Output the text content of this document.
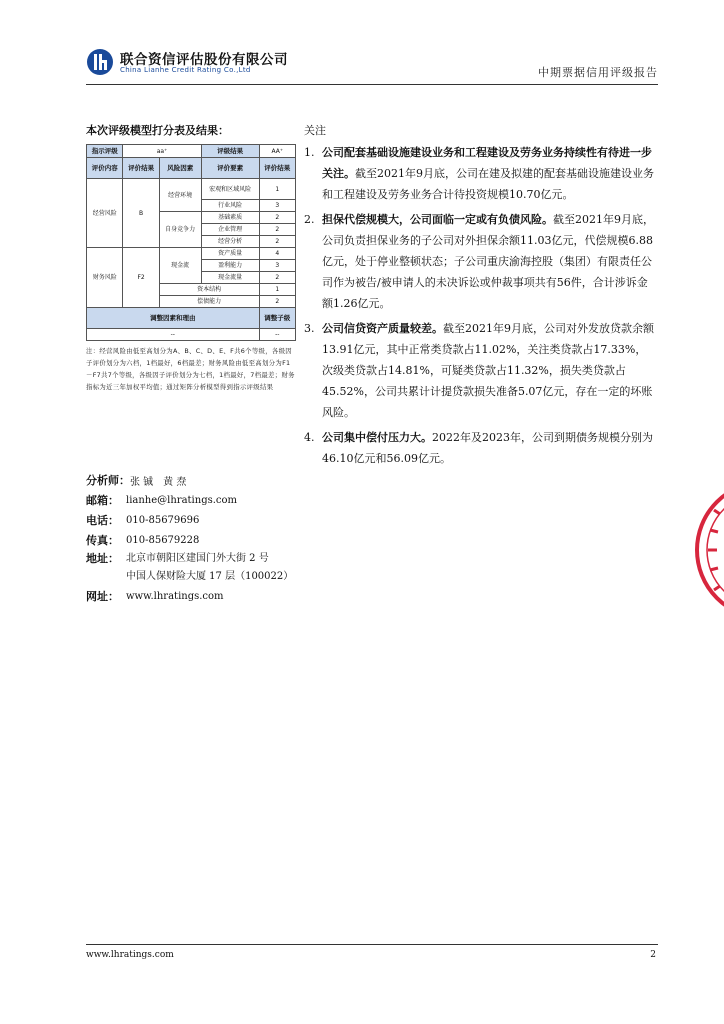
联合资信评估股份有限公司
China Lianhe Credit Rating Co.,Ltd	中期票据信用评级报告
本次评级模型打分表及结果：
指示评级	aa⁺		评级结果	AA⁺
评价内容	评价结果	风险因素	评价要素	评价结果
经营风险	B	经营环境	宏观和区域风险	1
			行业风险	3
		自身竞争力	基础素质	2
			企业管理	2
			经营分析	2
财务风险	F2	现金流	资产质量	4
			盈利能力	3
			现金流量	2
		资本结构		1
		偿债能力		2
调整因素和理由				调整子级
--				--
注：经营风险由低至高划分为A、B、C、D、E、F共6个等级，各级因子评价划分为六档，1档最好，6档最差；财务风险由低至高划分为F1－F7共7个等级，各级因子评价划分为七档，1档最好，7档最差；财务指标为近三年加权平均值；通过矩阵分析模型得到指示评级结果
分析师： 张 铖　黄 焘
邮箱： lianhe@lhratings.com
电话： 010-85679696
传真： 010-85679228
地址： 北京市朝阳区建国门外大街 2 号
中国人保财险大厦 17 层（100022）
网址： www.lhratings.com
关注
1. 公司配套基础设施建设业务和工程建设及劳务业务持续性有待进一步关注。截至2021年9月底，公司在建及拟建的配套基础设施建设业务和工程建设及劳务业务合计待投资规模10.70亿元。
2. 担保代偿规模大，公司面临一定或有负债风险。截至2021年9月底，公司负责担保业务的子公司对外担保余额11.03亿元，代偿规模6.88亿元，处于停业整顿状态；子公司重庆渝海控股（集团）有限责任公司作为被告/被申请人的未决诉讼或仲裁事项共有56件，合计涉诉金额1.26亿元。
3. 公司信贷资产质量较差。截至2021年9月底，公司对外发放贷款余额13.91亿元，其中正常类贷款占11.02%，关注类贷款占17.33%，次级类贷款占14.81%，可疑类贷款占11.32%，损失类贷款占45.52%，公司共累计计提贷款损失准备5.07亿元，存在一定的坏账风险。
4. 公司集中偿付压力大。2022年及2023年，公司到期债务规模分别为46.10亿元和56.09亿元。
www.lhratings.com	2
